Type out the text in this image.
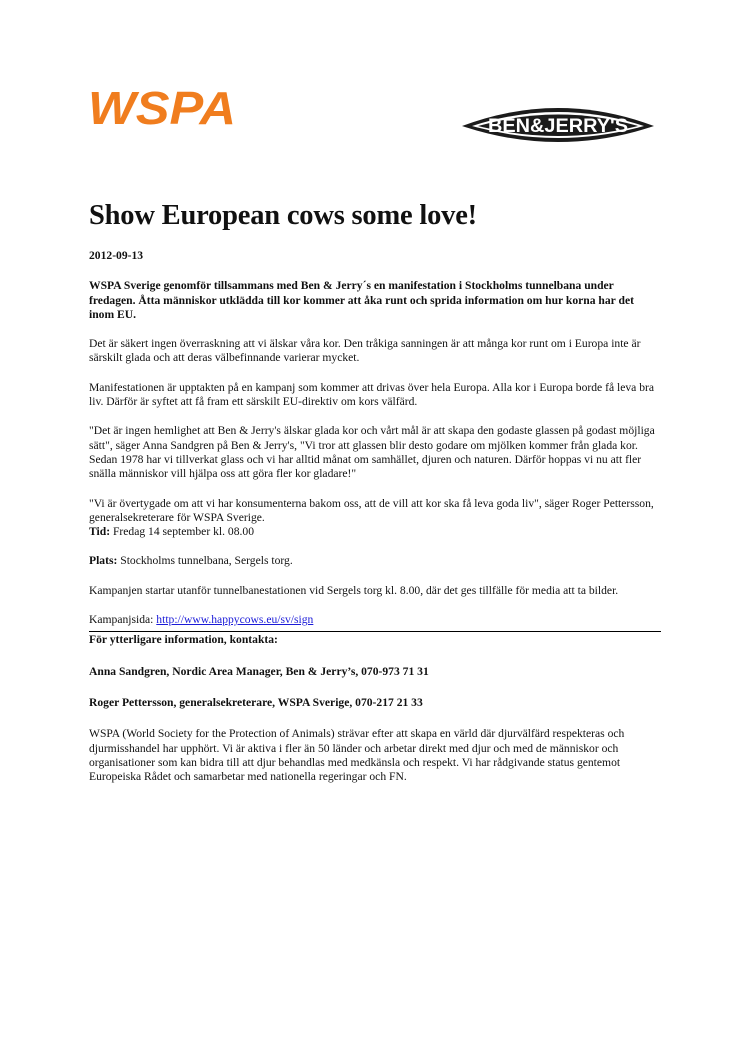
WSPA	BEN&JERRY'S
Show European cows some love!

2012-09-13

WSPA Sverige genomför tillsammans med Ben & Jerry´s en manifestation i Stockholms tunnelbana under fredagen. Åtta människor utklädda till kor kommer att åka runt och sprida information om hur korna har det inom EU.

Det är säkert ingen överraskning att vi älskar våra kor. Den tråkiga sanningen är att många kor runt om i Europa inte är särskilt glada och att deras välbefinnande varierar mycket.

Manifestationen är upptakten på en kampanj som kommer att drivas över hela Europa. Alla kor i Europa borde få leva bra liv. Därför är syftet att få fram ett särskilt EU-direktiv om kors välfärd.

"Det är ingen hemlighet att Ben & Jerry's älskar glada kor och vårt mål är att skapa den godaste glassen på godast möjliga sätt", säger Anna Sandgren på Ben & Jerry's, "Vi tror att glassen blir desto godare om mjölken kommer från glada kor. Sedan 1978 har vi tillverkat glass och vi har alltid månat om samhället, djuren och naturen. Därför hoppas vi nu att fler snälla människor vill hjälpa oss att göra fler kor gladare!"

"Vi är övertygade om att vi har konsumenterna bakom oss, att de vill att kor ska få leva goda liv", säger Roger Pettersson, generalsekreterare för WSPA Sverige.

Tid: Fredag 14 september kl. 08.00

Plats: Stockholms tunnelbana, Sergels torg.

Kampanjen startar utanför tunnelbanestationen vid Sergels torg kl. 8.00, där det ges tillfälle för media att ta bilder.

Kampanjsida: http://www.happycows.eu/sv/sign

För ytterligare information, kontakta:

Anna Sandgren, Nordic Area Manager, Ben & Jerry’s, 070-973 71 31

Roger Pettersson, generalsekreterare, WSPA Sverige, 070-217 21 33

WSPA (World Society for the Protection of Animals) strävar efter att skapa en värld där djurvälfärd respekteras och djurmisshandel har upphört. Vi är aktiva i fler än 50 länder och arbetar direkt med djur och med de människor och organisationer som kan bidra till att djur behandlas med medkänsla och respekt. Vi har rådgivande status gentemot Europeiska Rådet och samarbetar med nationella regeringar och FN.
